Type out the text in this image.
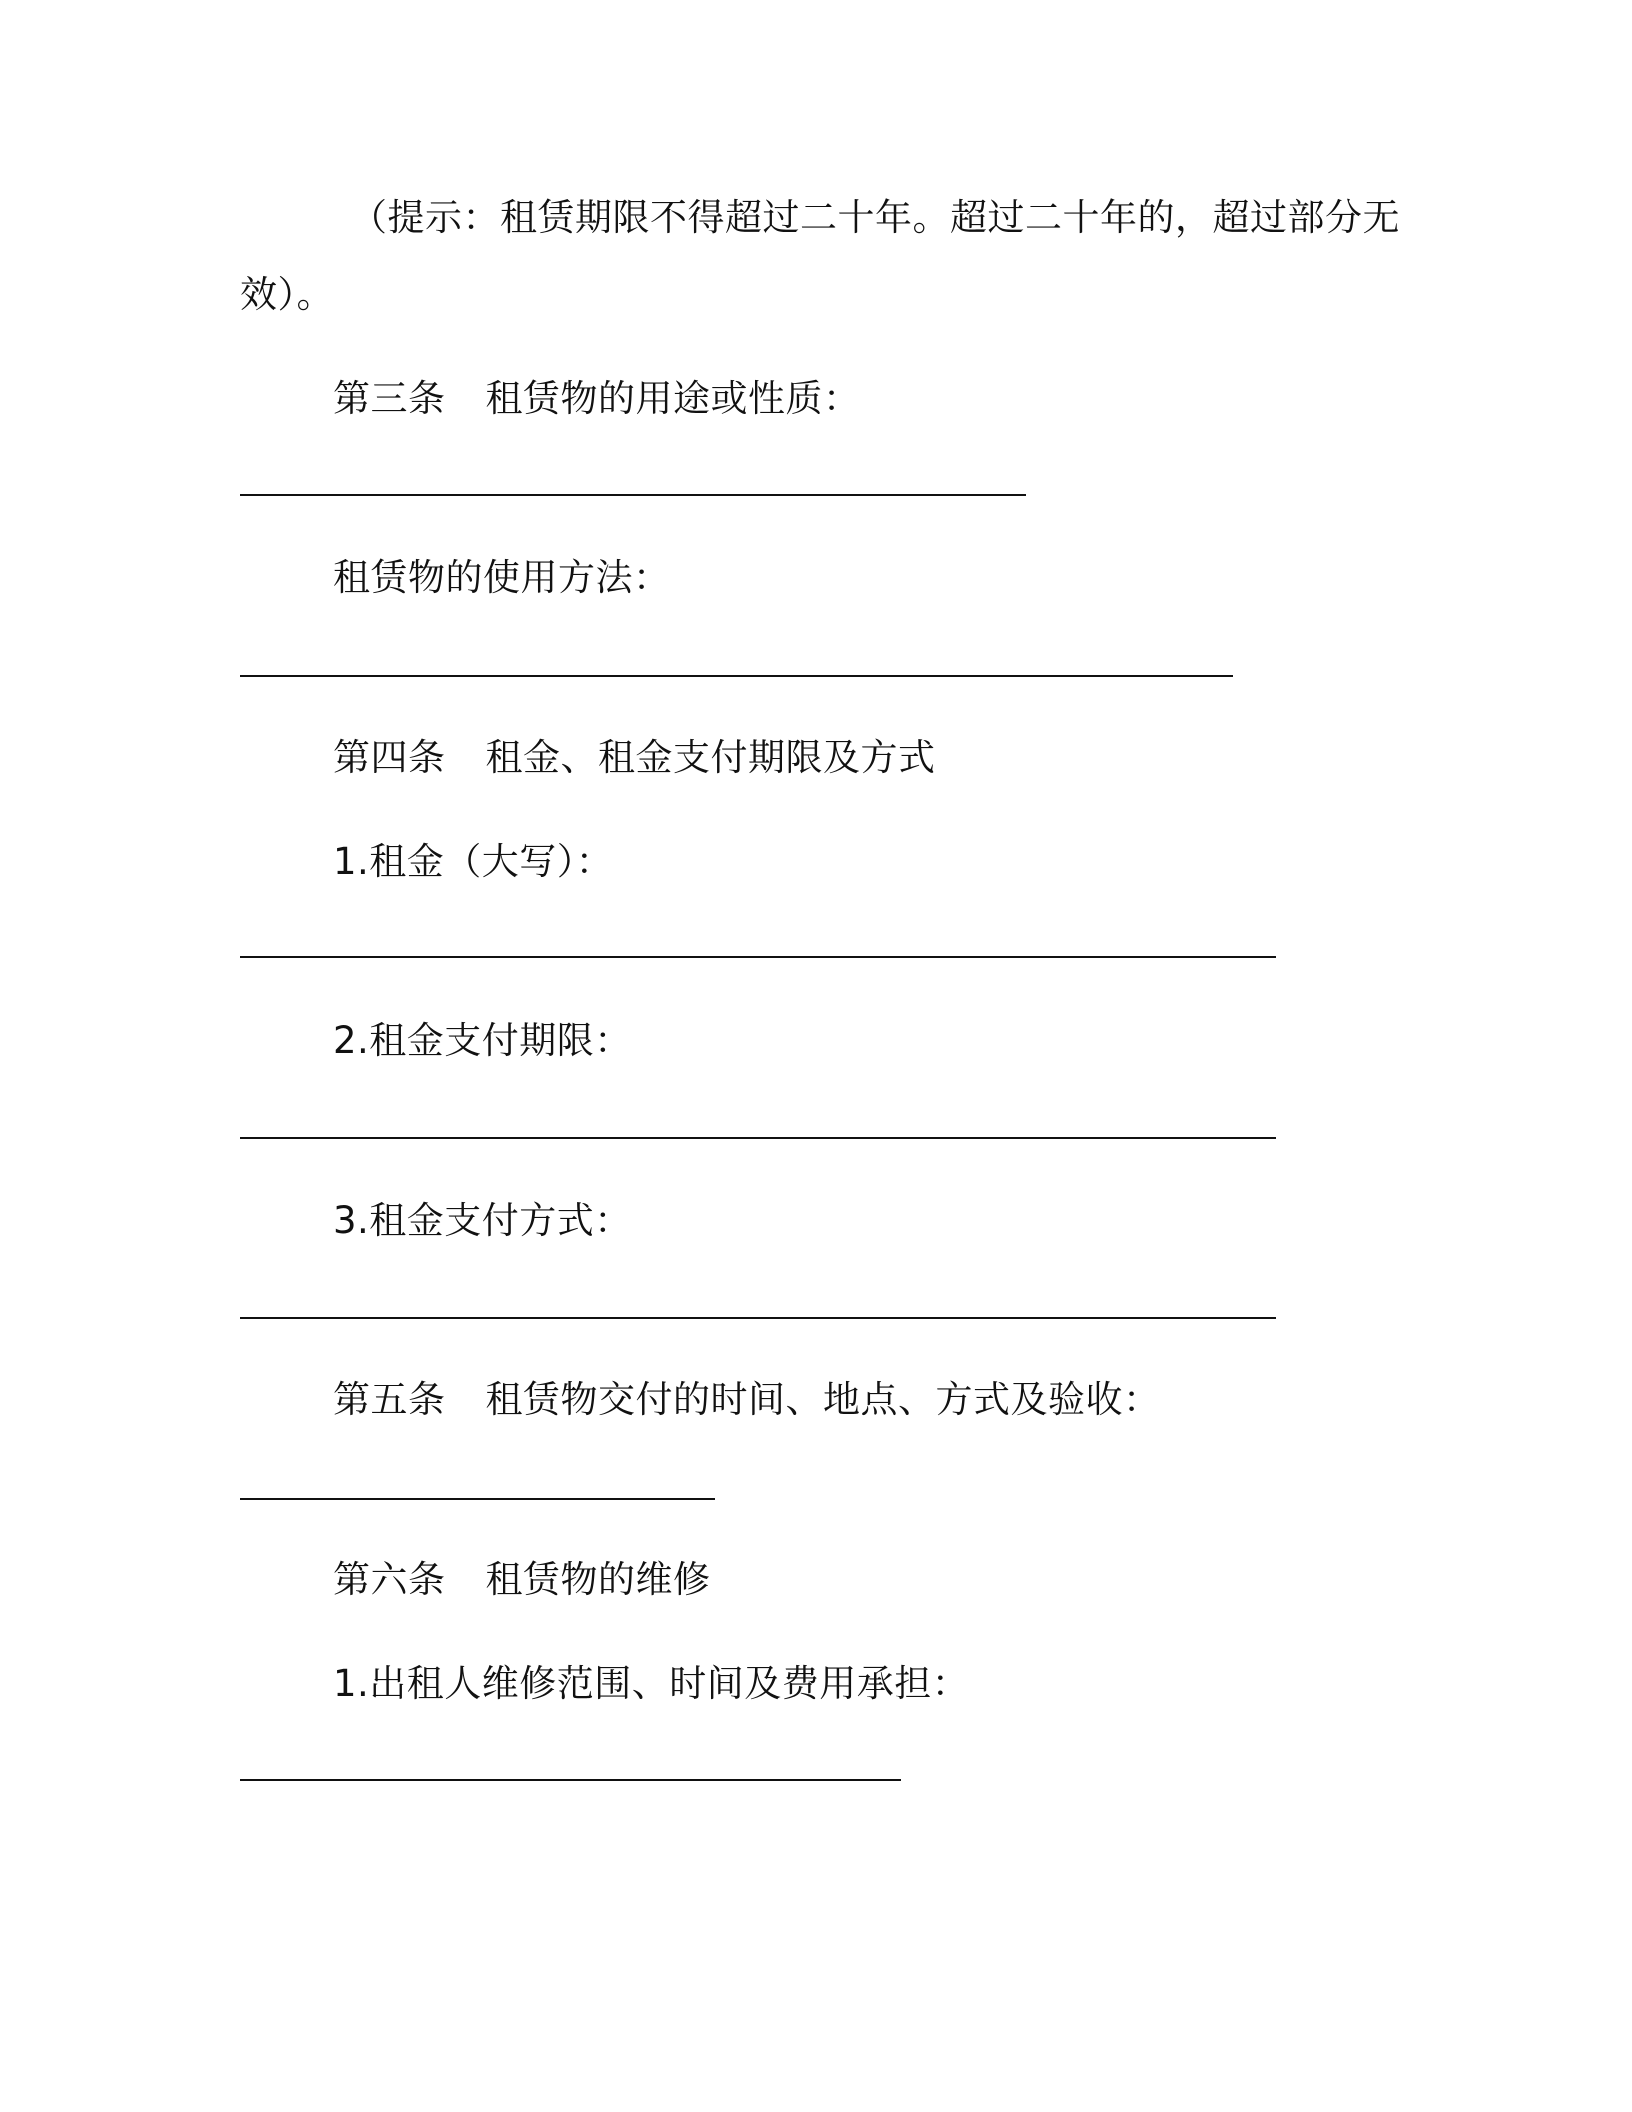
（提示：租赁期限不得超过二十年。超过二十年的，超过部分无
效）。
第三条 租赁物的用途或性质：
租赁物的使用方法：
第四条 租金、租金支付期限及方式
1.租金（大写）：
2.租金支付期限：
3.租金支付方式：
第五条 租赁物交付的时间、地点、方式及验收：
第六条 租赁物的维修
1.出租人维修范围、时间及费用承担：
